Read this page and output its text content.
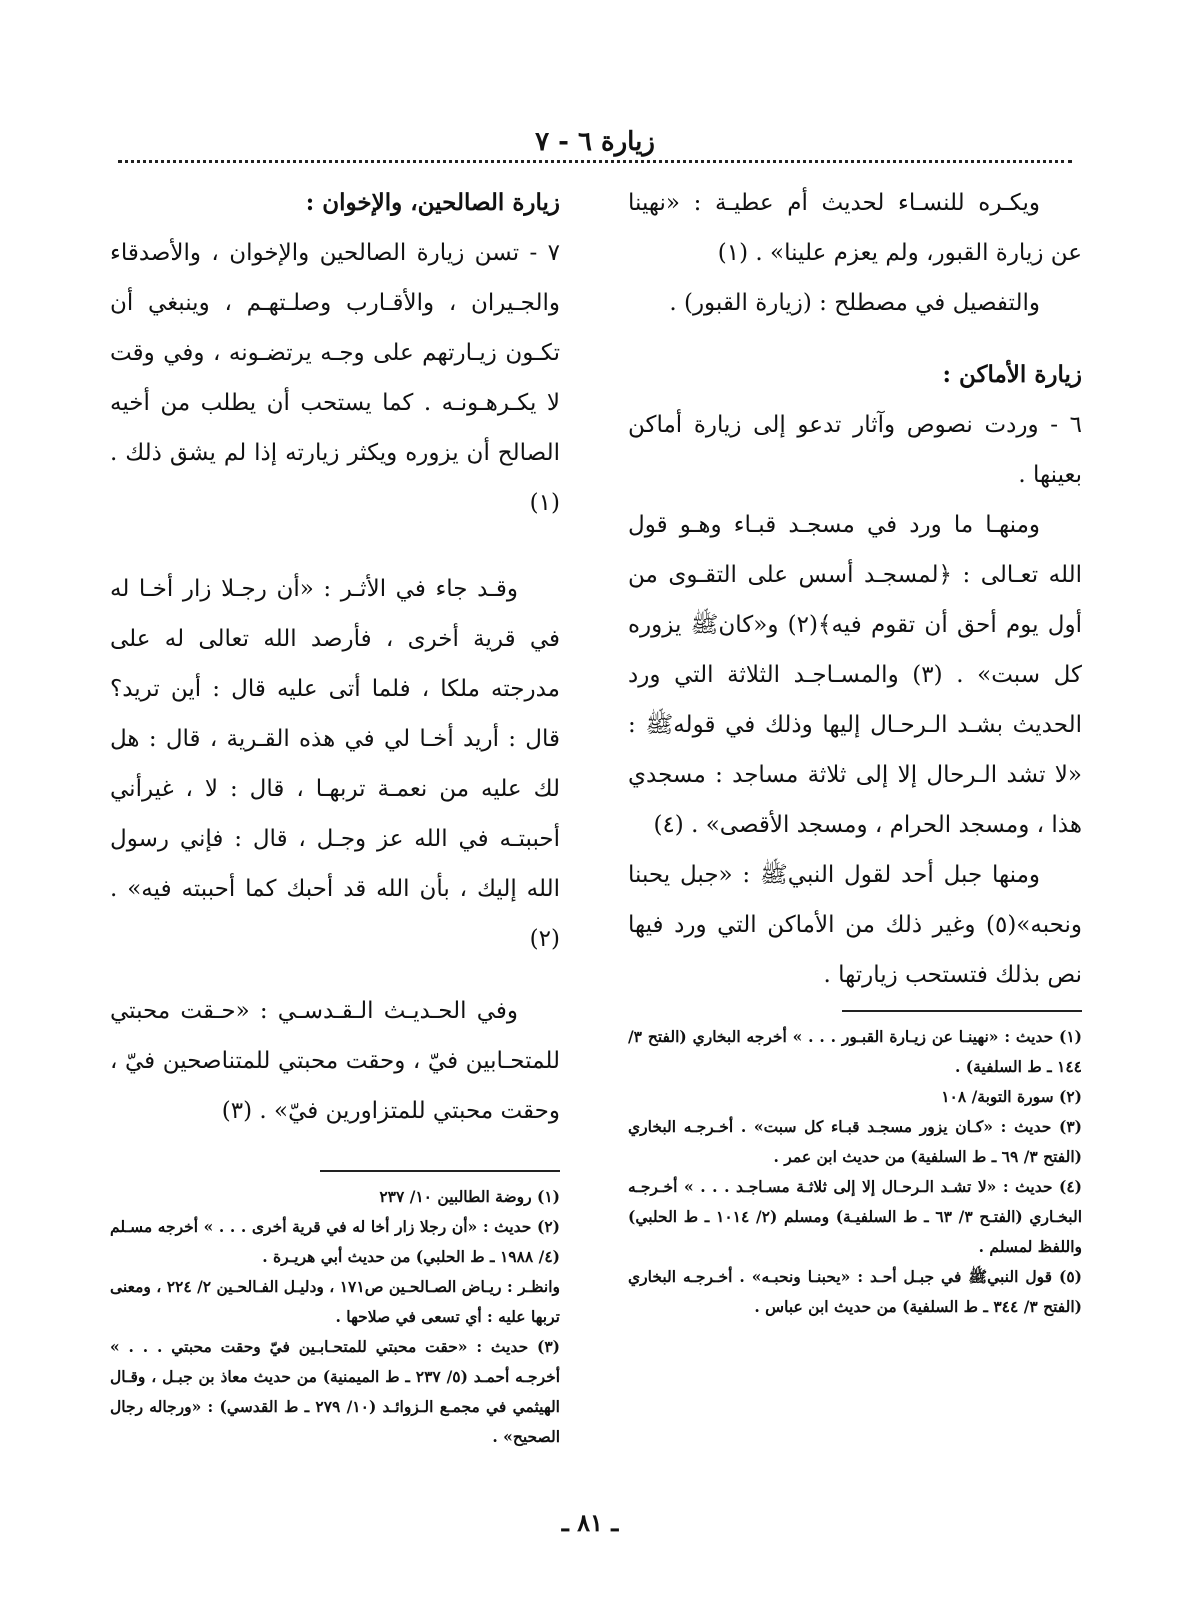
زيارة ٦ - ٧

ويكـره للنسـاء لحديث أم عطيـة : «نهينا عن زيارة القبور، ولم يعزم علينا» . (١)

والتفصيل في مصطلح : (زيارة القبور) .

زيارة الأماكن :

٦ - وردت نصوص وآثار تدعو إلى زيارة أماكن بعينها .

ومنهـا ما ورد في مسجـد قبـاء وهـو قول الله تعـالى : ﴿لمسجـد أسس على التقـوى من أول يوم أحق أن تقوم فيه﴾(٢) و«كانﷺ يزوره كل سبت» . (٣) والمسـاجـد الثلاثة التي ورد الحديث بشـد الـرحـال إليها وذلك في قولهﷺ : «لا تشد الـرحال إلا إلى ثلاثة مساجد : مسجدي هذا ، ومسجد الحرام ، ومسجد الأقصى» . (٤)

ومنها جبل أحد لقول النبيﷺ : «جبل يحبنا ونحبه»(٥) وغير ذلك من الأماكن التي ورد فيها نص بذلك فتستحب زيارتها .

(١) حديث : «نهينـا عن زيـارة القبـور . . . » أخرجه البخاري (الفتح ٣/ ١٤٤ ـ ط السلفية) .

(٢) سورة التوبة/ ١٠٨

(٣) حديث : «كـان يزور مسجـد قبـاء كل سبت» . أخـرجـه البخاري (الفتح ٣/ ٦٩ ـ ط السلفية) من حديث ابن عمر .

(٤) حديث : «لا تشـد الـرحـال إلا إلى ثلاثـة مسـاجـد . . . » أخـرجـه البخـاري (الفتـح ٣/ ٦٣ ـ ط السلفيـة) ومسلم (٢/ ١٠١٤ ـ ط الحلبي) واللفظ لمسلم .

(٥) قول النبيﷺ في جبـل أحـد : «يحبنـا ونحبـه» . أخـرجـه البخاري (الفتح ٣/ ٣٤٤ ـ ط السلفية) من حديث ابن عباس .

زيارة الصالحين، والإخوان :

٧ - تسن زيارة الصالحين والإخوان ، والأصدقاء والجـيران ، والأقـارب وصلـتهـم ، وينبغي أن تكـون زيـارتهم على وجـه يرتضـونه ، وفي وقت لا يكـرهـونـه . كما يستحب أن يطلب من أخيه الصالح أن يزوره ويكثر زيارته إذا لم يشق ذلك . (١)

وقـد جاء في الأثـر : «أن رجـلا زار أخـا له في قرية أخرى ، فأرصد الله تعالى له على مدرجته ملكا ، فلما أتى عليه قال : أين تريد؟ قال : أريد أخـا لي في هذه القـرية ، قال : هل لك عليه من نعمـة تربهـا ، قال : لا ، غيرأني أحببتـه في الله عز وجـل ، قال : فإني رسول الله إليك ، بأن الله قد أحبك كما أحببته فيه» . (٢)

وفي الحـديـث الـقـدسـي : «حـقت محبتي للمتحـابين فيّ ، وحقت محبتي للمتناصحين فيّ ، وحقت محبتي للمتزاورين فيّ» . (٣)

(١) روضة الطالبين ١٠/ ٢٣٧

(٢) حديث : «أن رجلا زار أخا له في قرية أخرى . . . » أخرجه مسـلم (٤/ ١٩٨٨ ـ ط الحلبي) من حديث أبي هريـرة .

وانظـر : ريـاض الصـالحـين ص١٧١ ، ودليـل الفـالحـين ٢/ ٢٢٤ ، ومعنى تربها عليه : أي تسعى في صلاحها .

(٣) حديث : «حقت محبتي للمتحـابـين فيّ وحقت محبتي . . . » أخرجـه أحمـد (٥/ ٢٣٧ ـ ط الميمنية) من حديث معاذ بن جبـل ، وقـال الهيثمي في مجمـع الـزوائـد (١٠/ ٢٧٩ ـ ط القدسي) : «ورجاله رجال الصحيح» .

ـ ٨١ ـ
